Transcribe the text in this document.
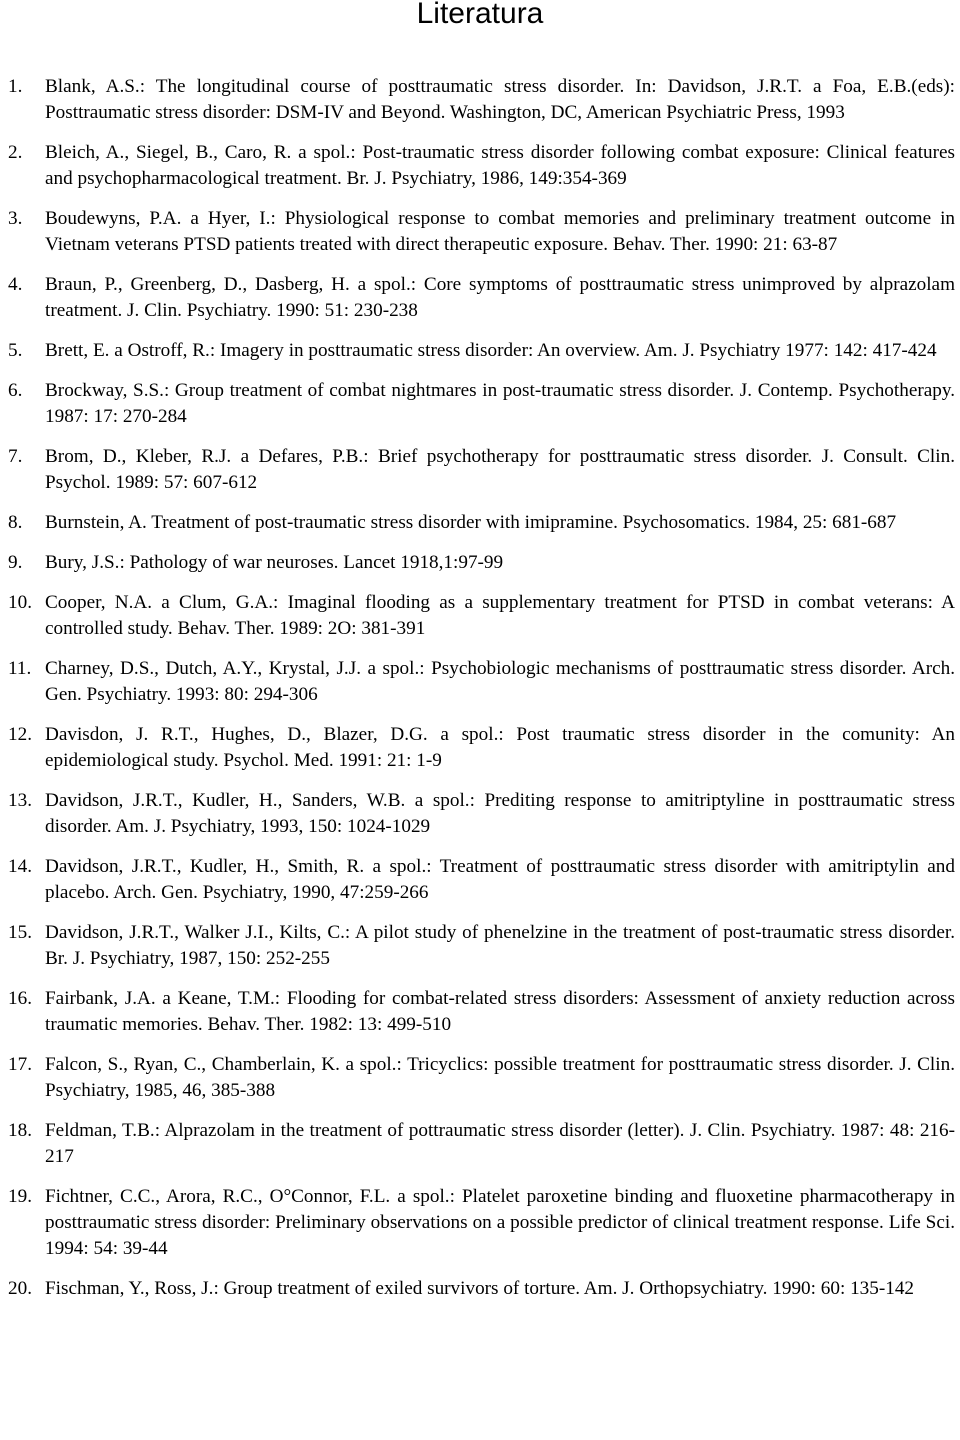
Literatura
1. Blank, A.S.: The longitudinal course of posttraumatic stress disorder. In: Davidson, J.R.T. a Foa, E.B.(eds): Posttraumatic stress disorder: DSM-IV and Beyond. Washington, DC, American Psychiatric Press, 1993
2. Bleich, A., Siegel, B., Caro, R. a spol.: Post-traumatic stress disorder following combat exposure: Clinical features and psychopharmacological treatment. Br. J. Psychiatry, 1986, 149:354-369
3. Boudewyns, P.A. a Hyer, I.: Physiological response to combat memories and preliminary treatment outcome in Vietnam veterans PTSD patients treated with direct therapeutic exposure. Behav. Ther. 1990: 21: 63-87
4. Braun, P., Greenberg, D., Dasberg, H. a spol.: Core symptoms of posttraumatic stress unimproved by alprazolam treatment. J. Clin. Psychiatry. 1990: 51: 230-238
5. Brett, E. a Ostroff, R.: Imagery in posttraumatic stress disorder: An overview. Am. J. Psychiatry 1977: 142: 417-424
6. Brockway, S.S.: Group treatment of combat nightmares in post-traumatic stress disorder. J. Contemp. Psychotherapy. 1987: 17: 270-284
7. Brom, D., Kleber, R.J. a Defares, P.B.: Brief psychotherapy for posttraumatic stress disorder. J. Consult. Clin. Psychol. 1989: 57: 607-612
8. Burnstein, A. Treatment of post-traumatic stress disorder with imipramine. Psychosomatics. 1984, 25: 681-687
9. Bury, J.S.: Pathology of war neuroses. Lancet 1918,1:97-99
10. Cooper, N.A. a Clum, G.A.: Imaginal flooding as a supplementary treatment for PTSD in combat veterans: A controlled study. Behav. Ther. 1989: 2O: 381-391
11. Charney, D.S., Dutch, A.Y., Krystal, J.J. a spol.: Psychobiologic mechanisms of posttraumatic stress disorder. Arch. Gen. Psychiatry. 1993: 80: 294-306
12. Davisdon, J. R.T., Hughes, D., Blazer, D.G. a spol.: Post traumatic stress disorder in the comunity: An epidemiological study. Psychol. Med. 1991: 21: 1-9
13. Davidson, J.R.T., Kudler, H., Sanders, W.B. a spol.: Prediting response to amitriptyline in posttraumatic stress disorder. Am. J. Psychiatry, 1993, 150: 1024-1029
14. Davidson, J.R.T., Kudler, H., Smith, R. a spol.: Treatment of posttraumatic stress disorder with amitriptylin and placebo. Arch. Gen. Psychiatry, 1990, 47:259-266
15. Davidson, J.R.T., Walker J.I., Kilts, C.: A pilot study of phenelzine in the treatment of post-traumatic stress disorder. Br. J. Psychiatry, 1987, 150: 252-255
16. Fairbank, J.A. a Keane, T.M.: Flooding for combat-related stress disorders: Assessment of anxiety reduction across traumatic memories. Behav. Ther. 1982: 13: 499-510
17. Falcon, S., Ryan, C., Chamberlain, K. a spol.: Tricyclics: possible treatment for posttraumatic stress disorder. J. Clin. Psychiatry, 1985, 46, 385-388
18. Feldman, T.B.: Alprazolam in the treatment of pottraumatic stress disorder (letter). J. Clin. Psychiatry. 1987: 48: 216-217
19. Fichtner, C.C., Arora, R.C., O°Connor, F.L. a spol.: Platelet paroxetine binding and fluoxetine pharmacotherapy in posttraumatic stress disorder: Preliminary observations on a possible predictor of clinical treatment response. Life Sci. 1994: 54: 39-44
20. Fischman, Y., Ross, J.: Group treatment of exiled survivors of torture. Am. J. Orthopsychiatry. 1990: 60: 135-142
